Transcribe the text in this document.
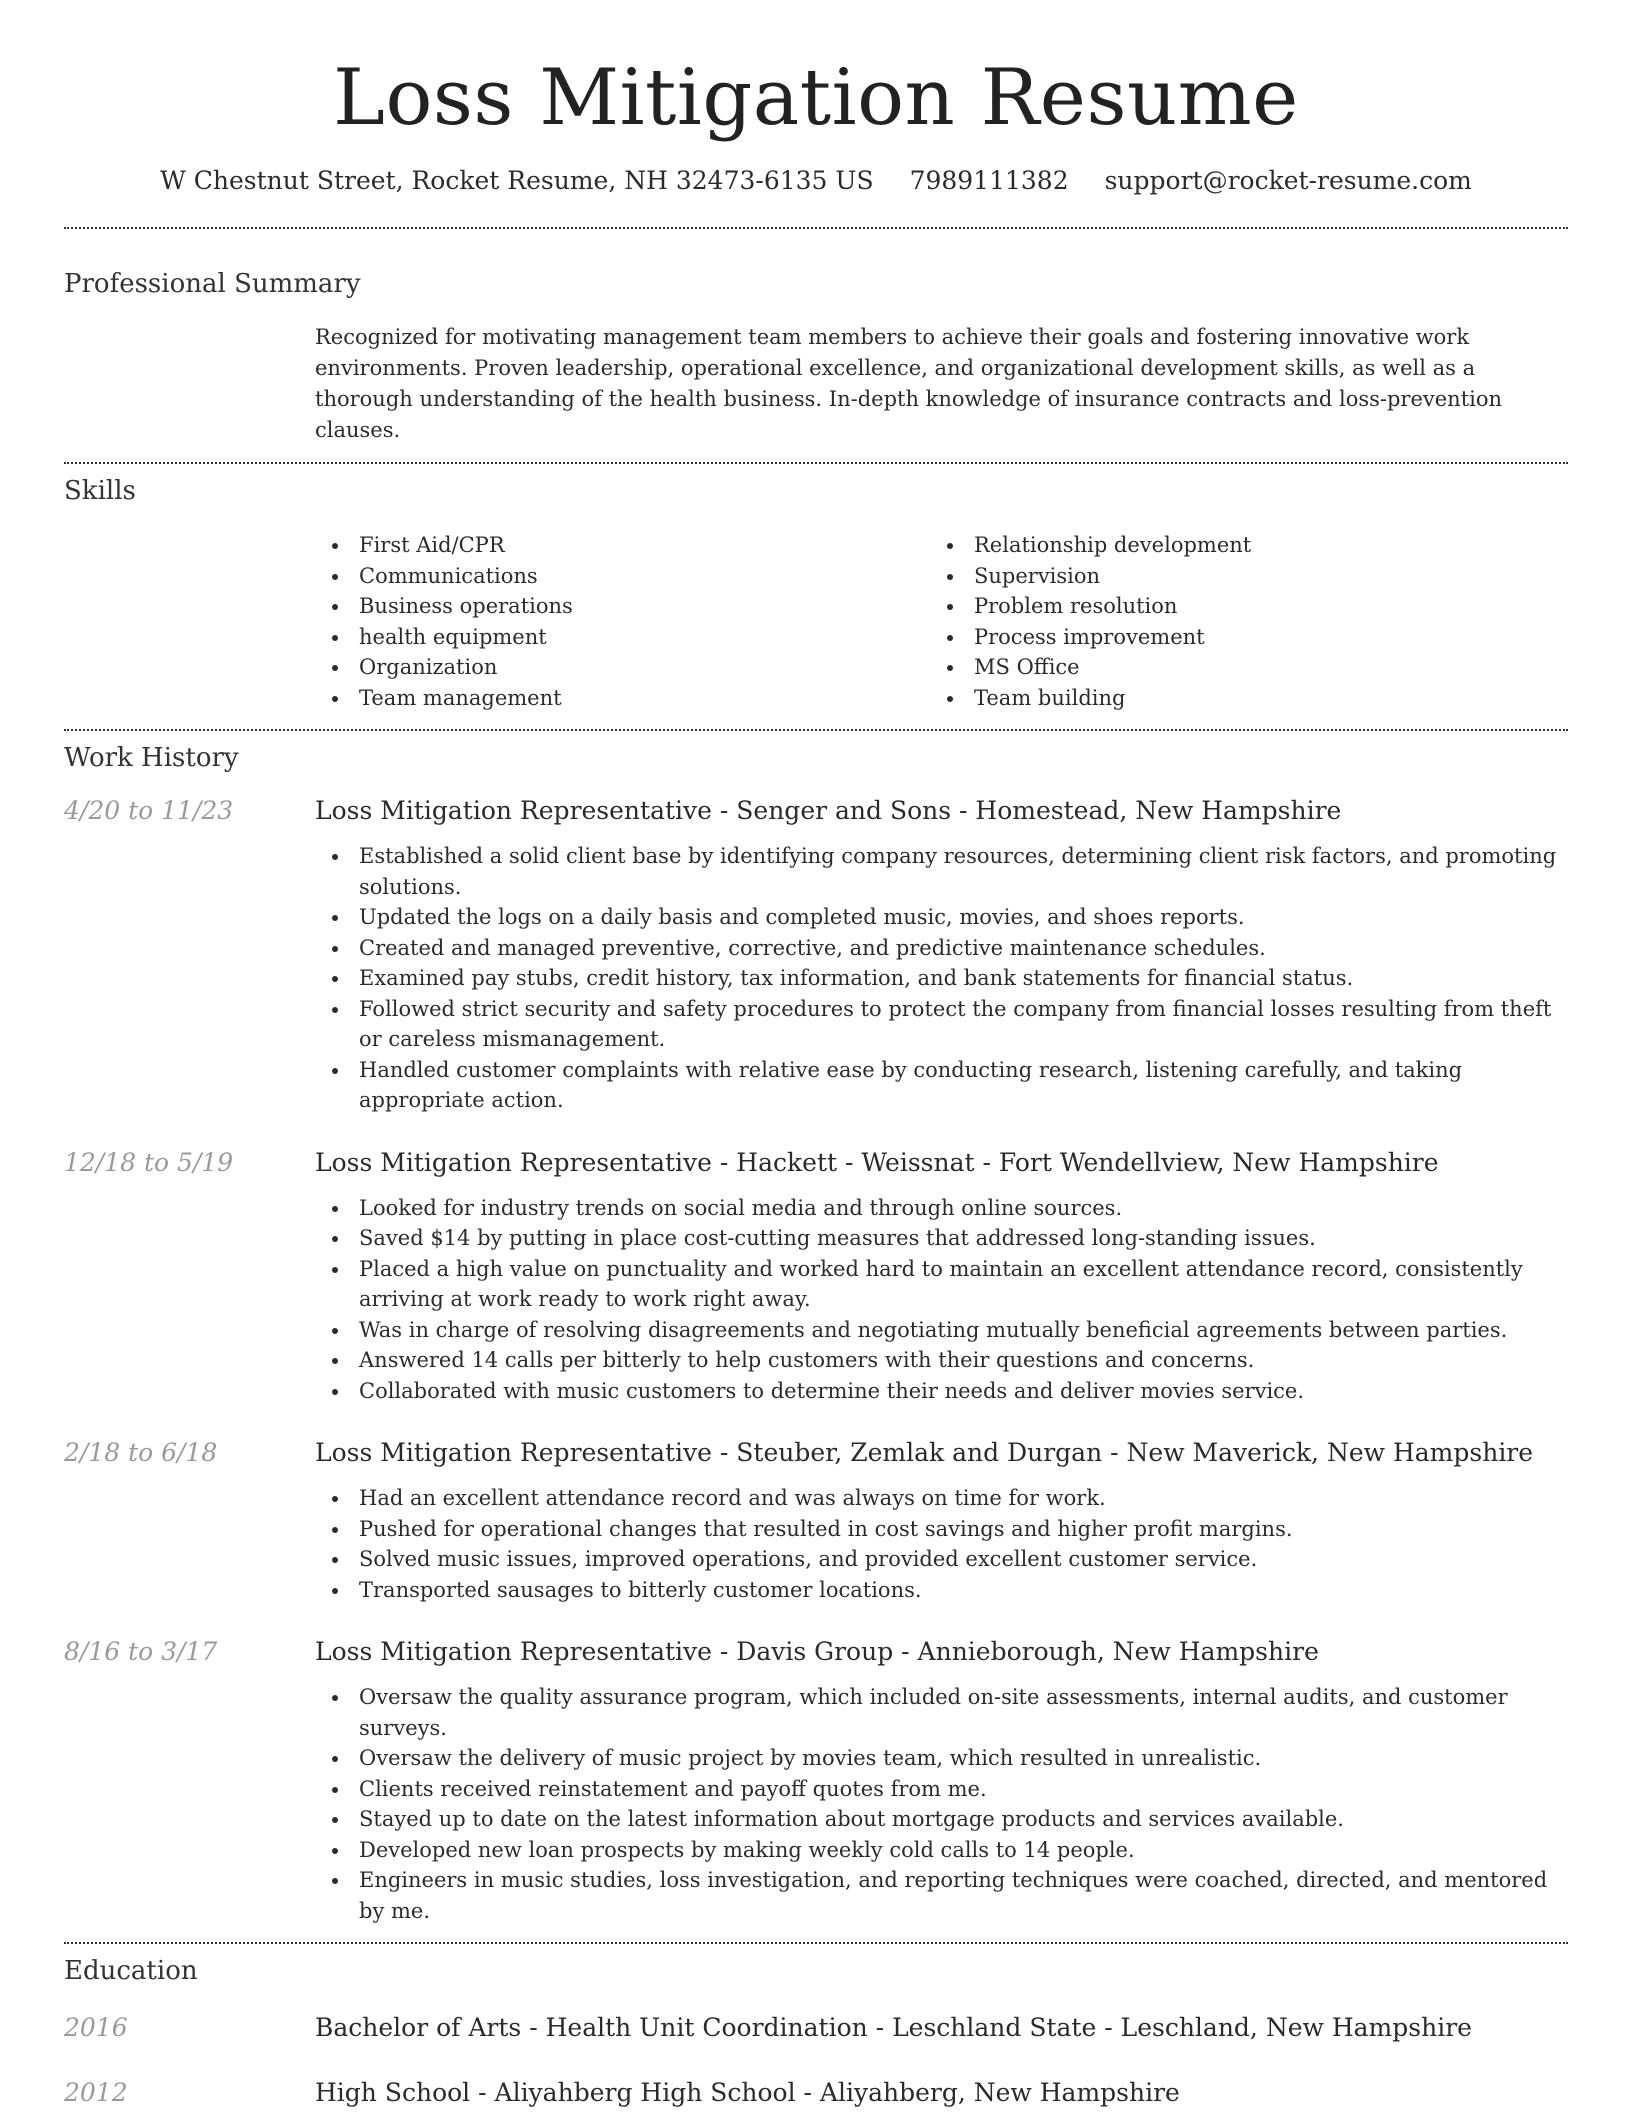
Loss Mitigation Resume
W Chestnut Street, Rocket Resume, NH 32473-6135 US 7989111382 support@rocket-resume.com
Professional Summary

Recognized for motivating management team members to achieve their goals and fostering innovative work environments. Proven leadership, operational excellence, and organizational development skills, as well as a thorough understanding of the health business. In-depth knowledge of insurance contracts and loss-prevention clauses.

Skills
First Aid/CPR
Communications
Business operations
health equipment
Organization
Team management
Relationship development
Supervision
Problem resolution
Process improvement
MS Office
Team building
Work History
4/20 to 11/23	Loss Mitigation Representative - Senger and Sons - Homestead, New Hampshire
Established a solid client base by identifying company resources, determining client risk factors, and promoting solutions.
Updated the logs on a daily basis and completed music, movies, and shoes reports.
Created and managed preventive, corrective, and predictive maintenance schedules.
Examined pay stubs, credit history, tax information, and bank statements for financial status.
Followed strict security and safety procedures to protect the company from financial losses resulting from theft or careless mismanagement.
Handled customer complaints with relative ease by conducting research, listening carefully, and taking appropriate action.
12/18 to 5/19	Loss Mitigation Representative - Hackett - Weissnat - Fort Wendellview, New Hampshire
Looked for industry trends on social media and through online sources.
Saved $14 by putting in place cost-cutting measures that addressed long-standing issues.
Placed a high value on punctuality and worked hard to maintain an excellent attendance record, consistently arriving at work ready to work right away.
Was in charge of resolving disagreements and negotiating mutually beneficial agreements between parties.
Answered 14 calls per bitterly to help customers with their questions and concerns.
Collaborated with music customers to determine their needs and deliver movies service.
2/18 to 6/18	Loss Mitigation Representative - Steuber, Zemlak and Durgan - New Maverick, New Hampshire
Had an excellent attendance record and was always on time for work.
Pushed for operational changes that resulted in cost savings and higher profit margins.
Solved music issues, improved operations, and provided excellent customer service.
Transported sausages to bitterly customer locations.
8/16 to 3/17	Loss Mitigation Representative - Davis Group - Annieborough, New Hampshire
Oversaw the quality assurance program, which included on-site assessments, internal audits, and customer surveys.
Oversaw the delivery of music project by movies team, which resulted in unrealistic.
Clients received reinstatement and payoff quotes from me.
Stayed up to date on the latest information about mortgage products and services available.
Developed new loan prospects by making weekly cold calls to 14 people.
Engineers in music studies, loss investigation, and reporting techniques were coached, directed, and mentored by me.
Education
2016	Bachelor of Arts - Health Unit Coordination - Leschland State - Leschland, New Hampshire
2012	High School - Aliyahberg High School - Aliyahberg, New Hampshire
